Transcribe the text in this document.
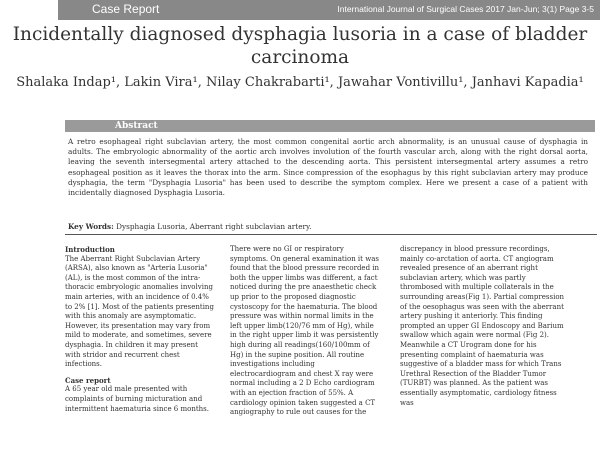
Case Report	International Journal of Surgical Cases 2017 Jan-Jun; 3(1) Page 3-5
Incidentally diagnosed dysphagia lusoria in a case of bladder carcinoma
Shalaka Indap¹, Lakin Vira¹, Nilay Chakrabarti¹, Jawahar Vontivillu¹, Janhavi Kapadia¹
Abstract
A retro esophageal right subclavian artery, the most common congenital aortic arch abnormality, is an unusual cause of dysphagia in adults. The embryologic abnormality of the aortic arch involves involution of the fourth vascular arch, along with the right dorsal aorta, leaving the seventh intersegmental artery attached to the descending aorta. This persistent intersegmental artery assumes a retro esophageal position as it leaves the thorax into the arm. Since compression of the esophagus by this right subclavian artery may produce dysphagia, the term "Dysphagia Lusoria" has been used to describe the symptom complex. Here we present a case of a patient with incidentally diagnosed Dysphagia Lusoria.
Key Words: Dysphagia Lusoria, Aberrant right subclavian artery.

Introduction

The Aberrant Right Subclavian Artery (ARSA), also known as "Arteria Lusoria" (AL), is the most common of the intra-thoracic embryologic anomalies involving main arteries, with an incidence of 0.4% to 2% [1]. Most of the patients presenting with this anomaly are asymptomatic. However, its presentation may vary from mild to moderate, and sometimes, severe dysphagia. In children it may present with stridor and recurrent chest infections.

Case report

A 65 year old male presented with complaints of burning micturation and intermittent haematuria since 6 months.

There were no GI or respiratory symptoms. On general examination it was found that the blood pressure recorded in both the upper limbs was different, a fact noticed during the pre anaesthetic check up prior to the proposed diagnostic cystoscopy for the haematuria. The blood pressure was within normal limits in the left upper limb(120/76 mm of Hg), while in the right upper limb it was persistently high during all readings(160/100mm of Hg) in the supine position. All routine investigations including electrocardiogram and chest X ray were normal including a 2 D Echo cardiogram with an ejection fraction of 55%. A cardiology opinion taken suggested a CT angiography to rule out causes for the

discrepancy in blood pressure recordings, mainly co-arctation of aorta. CT angiogram revealed presence of an aberrant right subclavian artery, which was partly thrombosed with multiple collaterals in the surrounding areas(Fig 1). Partial compression of the oesophagus was seen with the aberrant artery pushing it anteriorly. This finding prompted an upper GI Endoscopy and Barium swallow which again were normal (Fig 2). Meanwhile a CT Urogram done for his presenting complaint of haematuria was suggestive of a bladder mass for which Trans Urethral Resection of the Bladder Tumor (TURBT) was planned. As the patient was essentially asymptomatic, cardiology fitness was
